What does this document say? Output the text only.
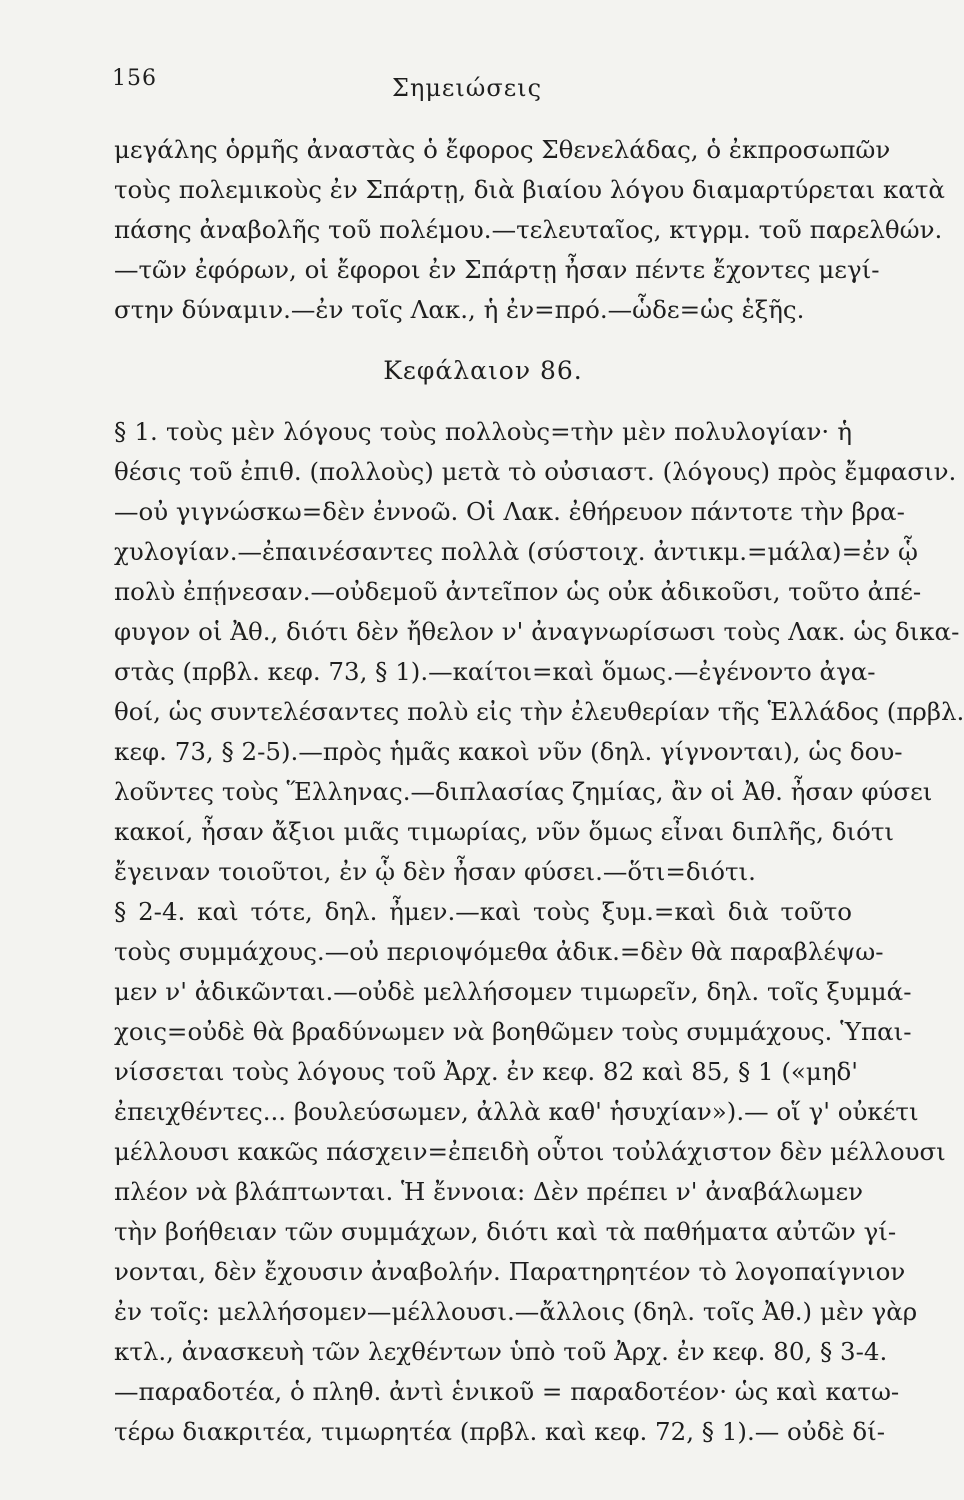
156	Σημειώσεις
μεγάλης ὁρμῆς ἀναστὰς ὁ ἔφορος Σθενελάδας, ὁ ἐκπροσωπῶν
τοὺς πολεμικοὺς ἐν Σπάρτῃ, διὰ βιαίου λόγου διαμαρτύρεται κατὰ
πάσης ἀναβολῆς τοῦ πολέμου.—τελευταῖος, κτγρμ. τοῦ παρελθών.
—τῶν ἐφόρων, οἱ ἔφοροι ἐν Σπάρτῃ ἦσαν πέντε ἔχοντες μεγί-
στην δύναμιν.—ἐν τοῖς Λακ., ἡ ἐν=πρό.—ὧδε=ὡς ἑξῆς.
Κεφάλαιον 86.
§ 1. τοὺς μὲν λόγους τοὺς πολλοὺς=τὴν μὲν πολυλογίαν· ἡ
θέσις τοῦ ἐπιθ. (πολλοὺς) μετὰ τὸ οὐσιαστ. (λόγους) πρὸς ἔμφασιν.
—οὐ γιγνώσκω=δὲν ἐννοῶ. Οἱ Λακ. ἐθήρευον πάντοτε τὴν βρα-
χυλογίαν.—ἐπαινέσαντες πολλὰ (σύστοιχ. ἀντικμ.=μάλα)=ἐν ᾧ
πολὺ ἐπῄνεσαν.—οὐδεμοῦ ἀντεῖπον ὡς οὐκ ἀδικοῦσι, τοῦτο ἀπέ-
φυγον οἱ Ἀθ., διότι δὲν ἤθελον ν' ἀναγνωρίσωσι τοὺς Λακ. ὡς δικα-
στὰς (πρβλ. κεφ. 73, § 1).—καίτοι=καὶ ὅμως.—ἐγένοντο ἀγα-
θοί, ὡς συντελέσαντες πολὺ εἰς τὴν ἐλευθερίαν τῆς Ἑλλάδος (πρβλ.
κεφ. 73, § 2-5).—πρὸς ἡμᾶς κακοὶ νῦν (δηλ. γίγνονται), ὡς δου-
λοῦντες τοὺς Ἕλληνας.—διπλασίας ζημίας, ἂν οἱ Ἀθ. ἦσαν φύσει
κακοί, ἦσαν ἄξιοι μιᾶς τιμωρίας, νῦν ὅμως εἶναι διπλῆς, διότι
ἔγειναν τοιοῦτοι, ἐν ᾧ δὲν ἦσαν φύσει.—ὅτι=διότι.
§ 2-4. καὶ τότε, δηλ. ἦμεν.—καὶ τοὺς ξυμ.=καὶ διὰ τοῦτο
τοὺς συμμάχους.—οὐ περιοψόμεθα ἀδικ.=δὲν θὰ παραβλέψω-
μεν ν' ἀδικῶνται.—οὐδὲ μελλήσομεν τιμωρεῖν, δηλ. τοῖς ξυμμά-
χοις=οὐδὲ θὰ βραδύνωμεν νὰ βοηθῶμεν τοὺς συμμάχους. Ὑπαι-
νίσσεται τοὺς λόγους τοῦ Ἀρχ. ἐν κεφ. 82 καὶ 85, § 1 («μηδ'
ἐπειχθέντες... βουλεύσωμεν, ἀλλὰ καθ' ἡσυχίαν»).— οἵ γ' οὐκέτι
μέλλουσι κακῶς πάσχειν=ἐπειδὴ οὗτοι τοὐλάχιστον δὲν μέλλουσι
πλέον νὰ βλάπτωνται. Ἡ ἔννοια: Δὲν πρέπει ν' ἀναβάλωμεν
τὴν βοήθειαν τῶν συμμάχων, διότι καὶ τὰ παθήματα αὐτῶν γί-
νονται, δὲν ἔχουσιν ἀναβολήν. Παρατηρητέον τὸ λογοπαίγνιον
ἐν τοῖς: μελλήσομεν—μέλλουσι.—ἄλλοις (δηλ. τοῖς Ἀθ.) μὲν γὰρ
κτλ., ἀνασκευὴ τῶν λεχθέντων ὑπὸ τοῦ Ἀρχ. ἐν κεφ. 80, § 3-4.
—παραδοτέα, ὁ πληθ. ἀντὶ ἑνικοῦ = παραδοτέον· ὡς καὶ κατω-
τέρω διακριτέα, τιμωρητέα (πρβλ. καὶ κεφ. 72, § 1).— οὐδὲ δί-
